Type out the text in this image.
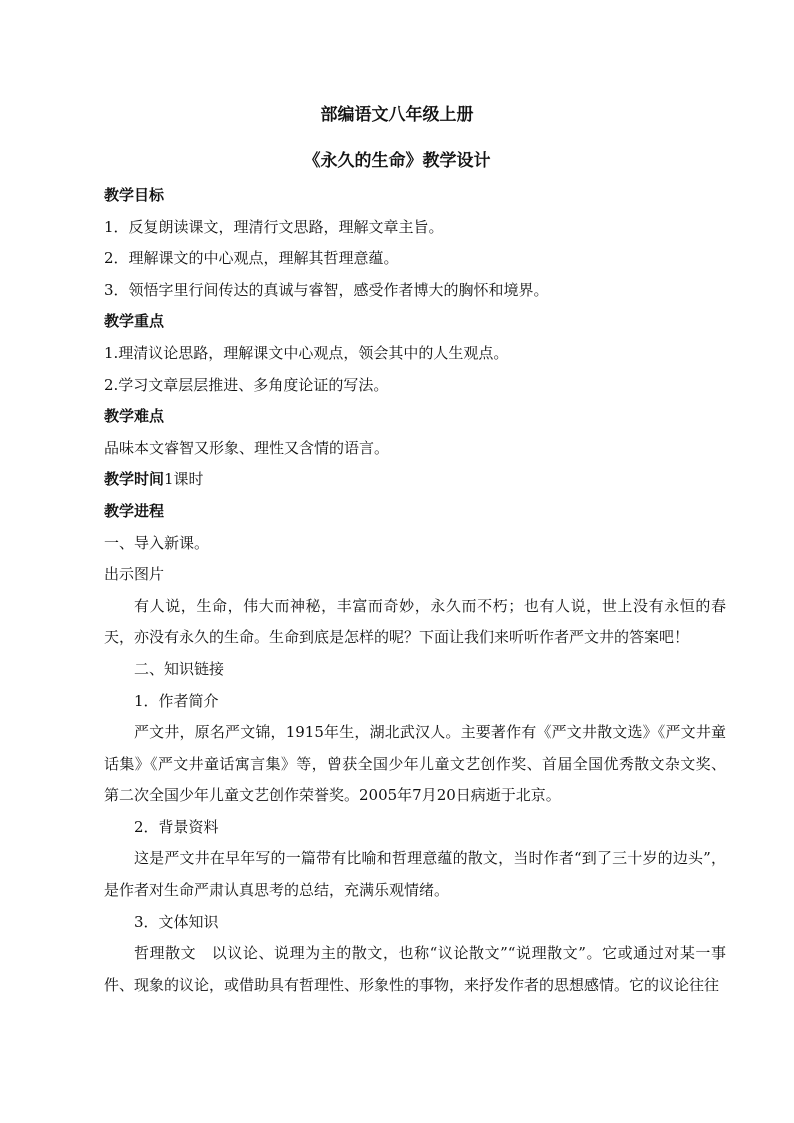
部编语文八年级上册
《永久的生命》教学设计

教学目标

1．反复朗读课文，理清行文思路，理解文章主旨。

2．理解课文的中心观点，理解其哲理意蕴。

3．领悟字里行间传达的真诚与睿智，感受作者博大的胸怀和境界。

教学重点

1.理清议论思路，理解课文中心观点，领会其中的人生观点。

2.学习文章层层推进、多角度论证的写法。

教学难点

品味本文睿智又形象、理性又含情的语言。

教学时间1课时

教学进程

一、导入新课。

出示图片

有人说，生命，伟大而神秘，丰富而奇妙，永久而不朽；也有人说，世上没有永恒的春天，亦没有永久的生命。生命到底是怎样的呢？下面让我们来听听作者严文井的答案吧！

二、知识链接

1．作者简介

严文井，原名严文锦，1915年生，湖北武汉人。主要著作有《严文井散文选》《严文井童话集》《严文井童话寓言集》等，曾获全国少年儿童文艺创作奖、首届全国优秀散文杂文奖、第二次全国少年儿童文艺创作荣誉奖。2005年7月20日病逝于北京。

2．背景资料

这是严文井在早年写的一篇带有比喻和哲理意蕴的散文，当时作者“到了三十岁的边头”，是作者对生命严肃认真思考的总结，充满乐观情绪。

3．文体知识

哲理散文　以议论、说理为主的散文，也称“议论散文”“说理散文”。它或通过对某一事件、现象的议论，或借助具有哲理性、形象性的事物，来抒发作者的思想感情。它的议论往往
